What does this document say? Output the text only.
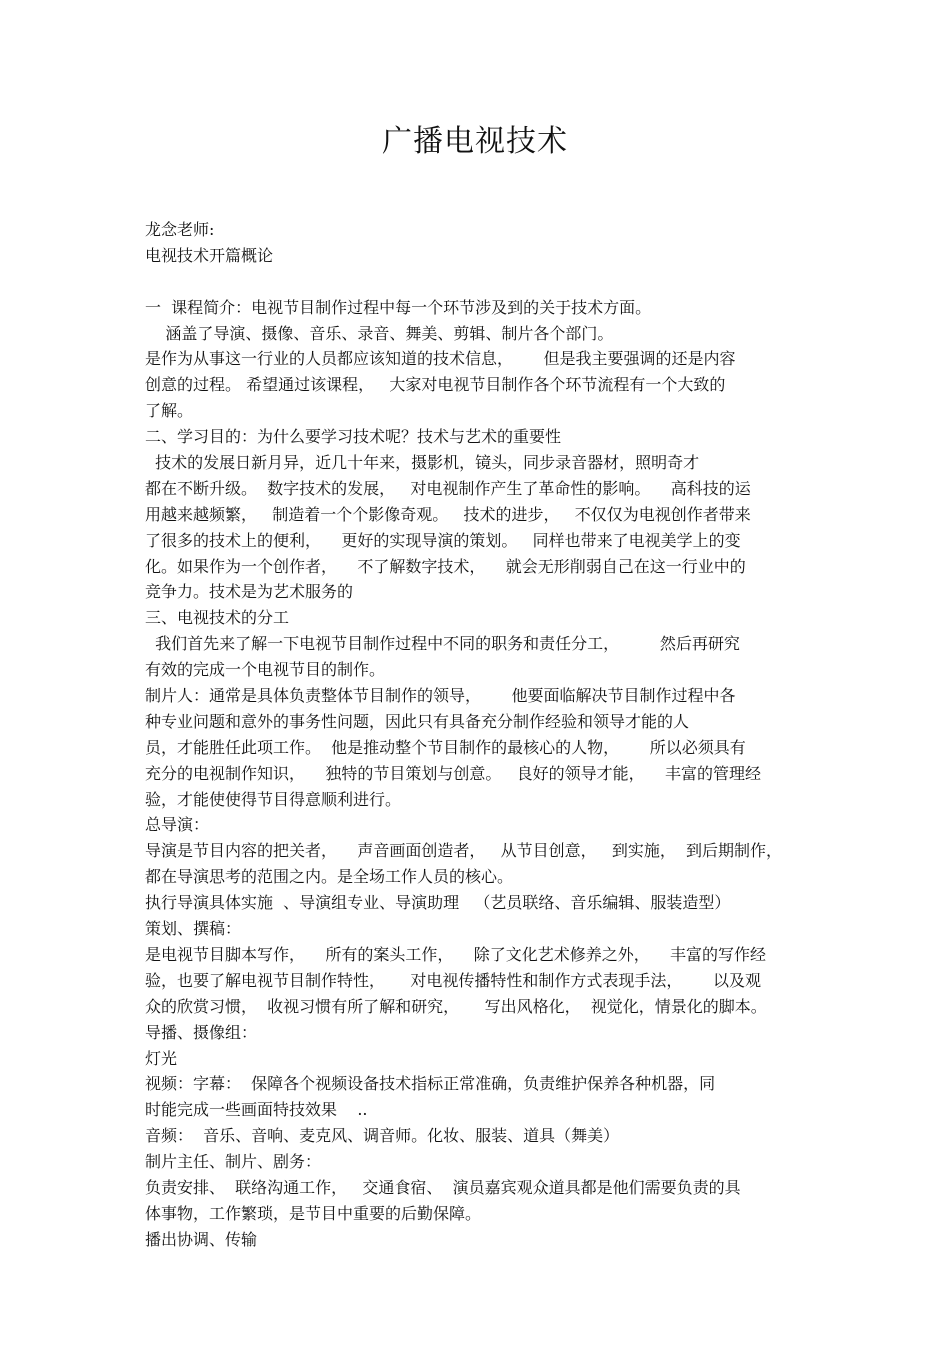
广播电视技术
龙念老师:
电视技术开篇概论
一  课程简介：电视节目制作过程中每一个环节涉及到的关于技术方面。
涵盖了导演、摄像、音乐、录音、舞美、剪辑、制片各个部门。
是作为从事这一行业的人员都应该知道的技术信息，      但是我主要强调的还是内容
创意的过程。 希望通过该课程，   大家对电视节目制作各个环节流程有一个大致的
了解。
二、学习目的：为什么要学习技术呢？技术与艺术的重要性
技术的发展日新月异，近几十年来，摄影机，镜头，同步录音器材，照明奇才
都在不断升级。  数字技术的发展，   对电视制作产生了革命性的影响。    高科技的运
用越来越频繁，   制造着一个个影像奇观。   技术的进步，   不仅仅为电视创作者带来
了很多的技术上的便利，    更好的实现导演的策划。   同样也带来了电视美学上的变
化。如果作为一个创作者，    不了解数字技术，    就会无形削弱自己在这一行业中的
竞争力。技术是为艺术服务的
三、电视技术的分工
我们首先来了解一下电视节目制作过程中不同的职务和责任分工，        然后再研究
有效的完成一个电视节目的制作。
制片人：通常是具体负责整体节目制作的领导，      他要面临解决节目制作过程中各
种专业问题和意外的事务性问题，因此只有具备充分制作经验和领导才能的人
员，才能胜任此项工作。  他是推动整个节目制作的最核心的人物，      所以必须具有
充分的电视制作知识，    独特的节目策划与创意。   良好的领导才能，    丰富的管理经
验，才能使使得节目得意顺利进行。
总导演：
导演是节目内容的把关者，    声音画面创造者，   从节目创意，   到实施，  到后期制作，
都在导演思考的范围之内。是全场工作人员的核心。
执行导演具体实施  、导演组专业、导演助理   （艺员联络、音乐编辑、服装造型）
策划、撰稿：
是电视节目脚本写作，    所有的案头工作，    除了文化艺术修养之外，    丰富的写作经
验，也要了解电视节目制作特性，     对电视传播特性和制作方式表现手法，      以及观
众的欣赏习惯，  收视习惯有所了解和研究，     写出风格化，  视觉化，情景化的脚本。
导播、摄像组：
灯光
视频：字幕：  保障各个视频设备技术指标正常准确，负责维护保养各种机器，同
时能完成一些画面特技效果    ..
音频：  音乐、音响、麦克风、调音师。化妆、服装、道具（舞美）
制片主任、制片、剧务：
负责安排、  联络沟通工作，   交通食宿、  演员嘉宾观众道具都是他们需要负责的具
体事物，工作繁琐，是节目中重要的后勤保障。
播出协调、传输
